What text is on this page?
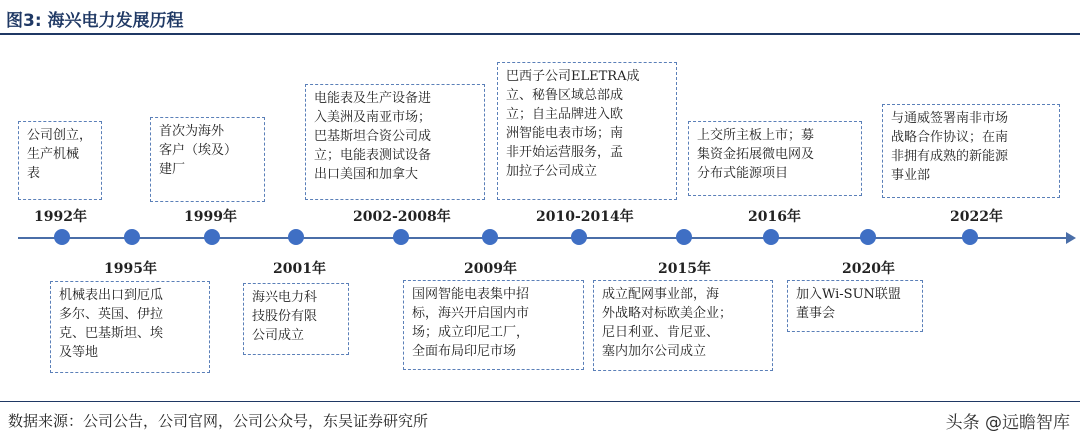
图3: 海兴电力发展历程
1992年	1999年	2002-2008年	2010-2014年	2016年	2022年
1995年	2001年	2009年	2015年	2020年
公司创立，
生产机械
表
首次为海外
客户（埃及）
建厂
电能表及生产设备进
入美洲及南亚市场；
巴基斯坦合资公司成
立；电能表测试设备
出口美国和加拿大
巴西子公司ELETRA成
立、秘鲁区域总部成
立；自主品牌进入欧
洲智能电表市场；南
非开始运营服务，孟
加拉子公司成立
上交所主板上市；募
集资金拓展微电网及
分布式能源项目
与通威签署南非市场
战略合作协议；在南
非拥有成熟的新能源
事业部
机械表出口到厄瓜
多尔、英国、伊拉
克、巴基斯坦、埃
及等地
海兴电力科
技股份有限
公司成立
国网智能电表集中招
标，海兴开启国内市
场；成立印尼工厂，
全面布局印尼市场
成立配网事业部，海
外战略对标欧美企业；
尼日利亚、肯尼亚、
塞内加尔公司成立
加入Wi-SUN联盟
董事会
数据来源：公司公告，公司官网，公司公众号，东吴证券研究所	头条 @远瞻智库
